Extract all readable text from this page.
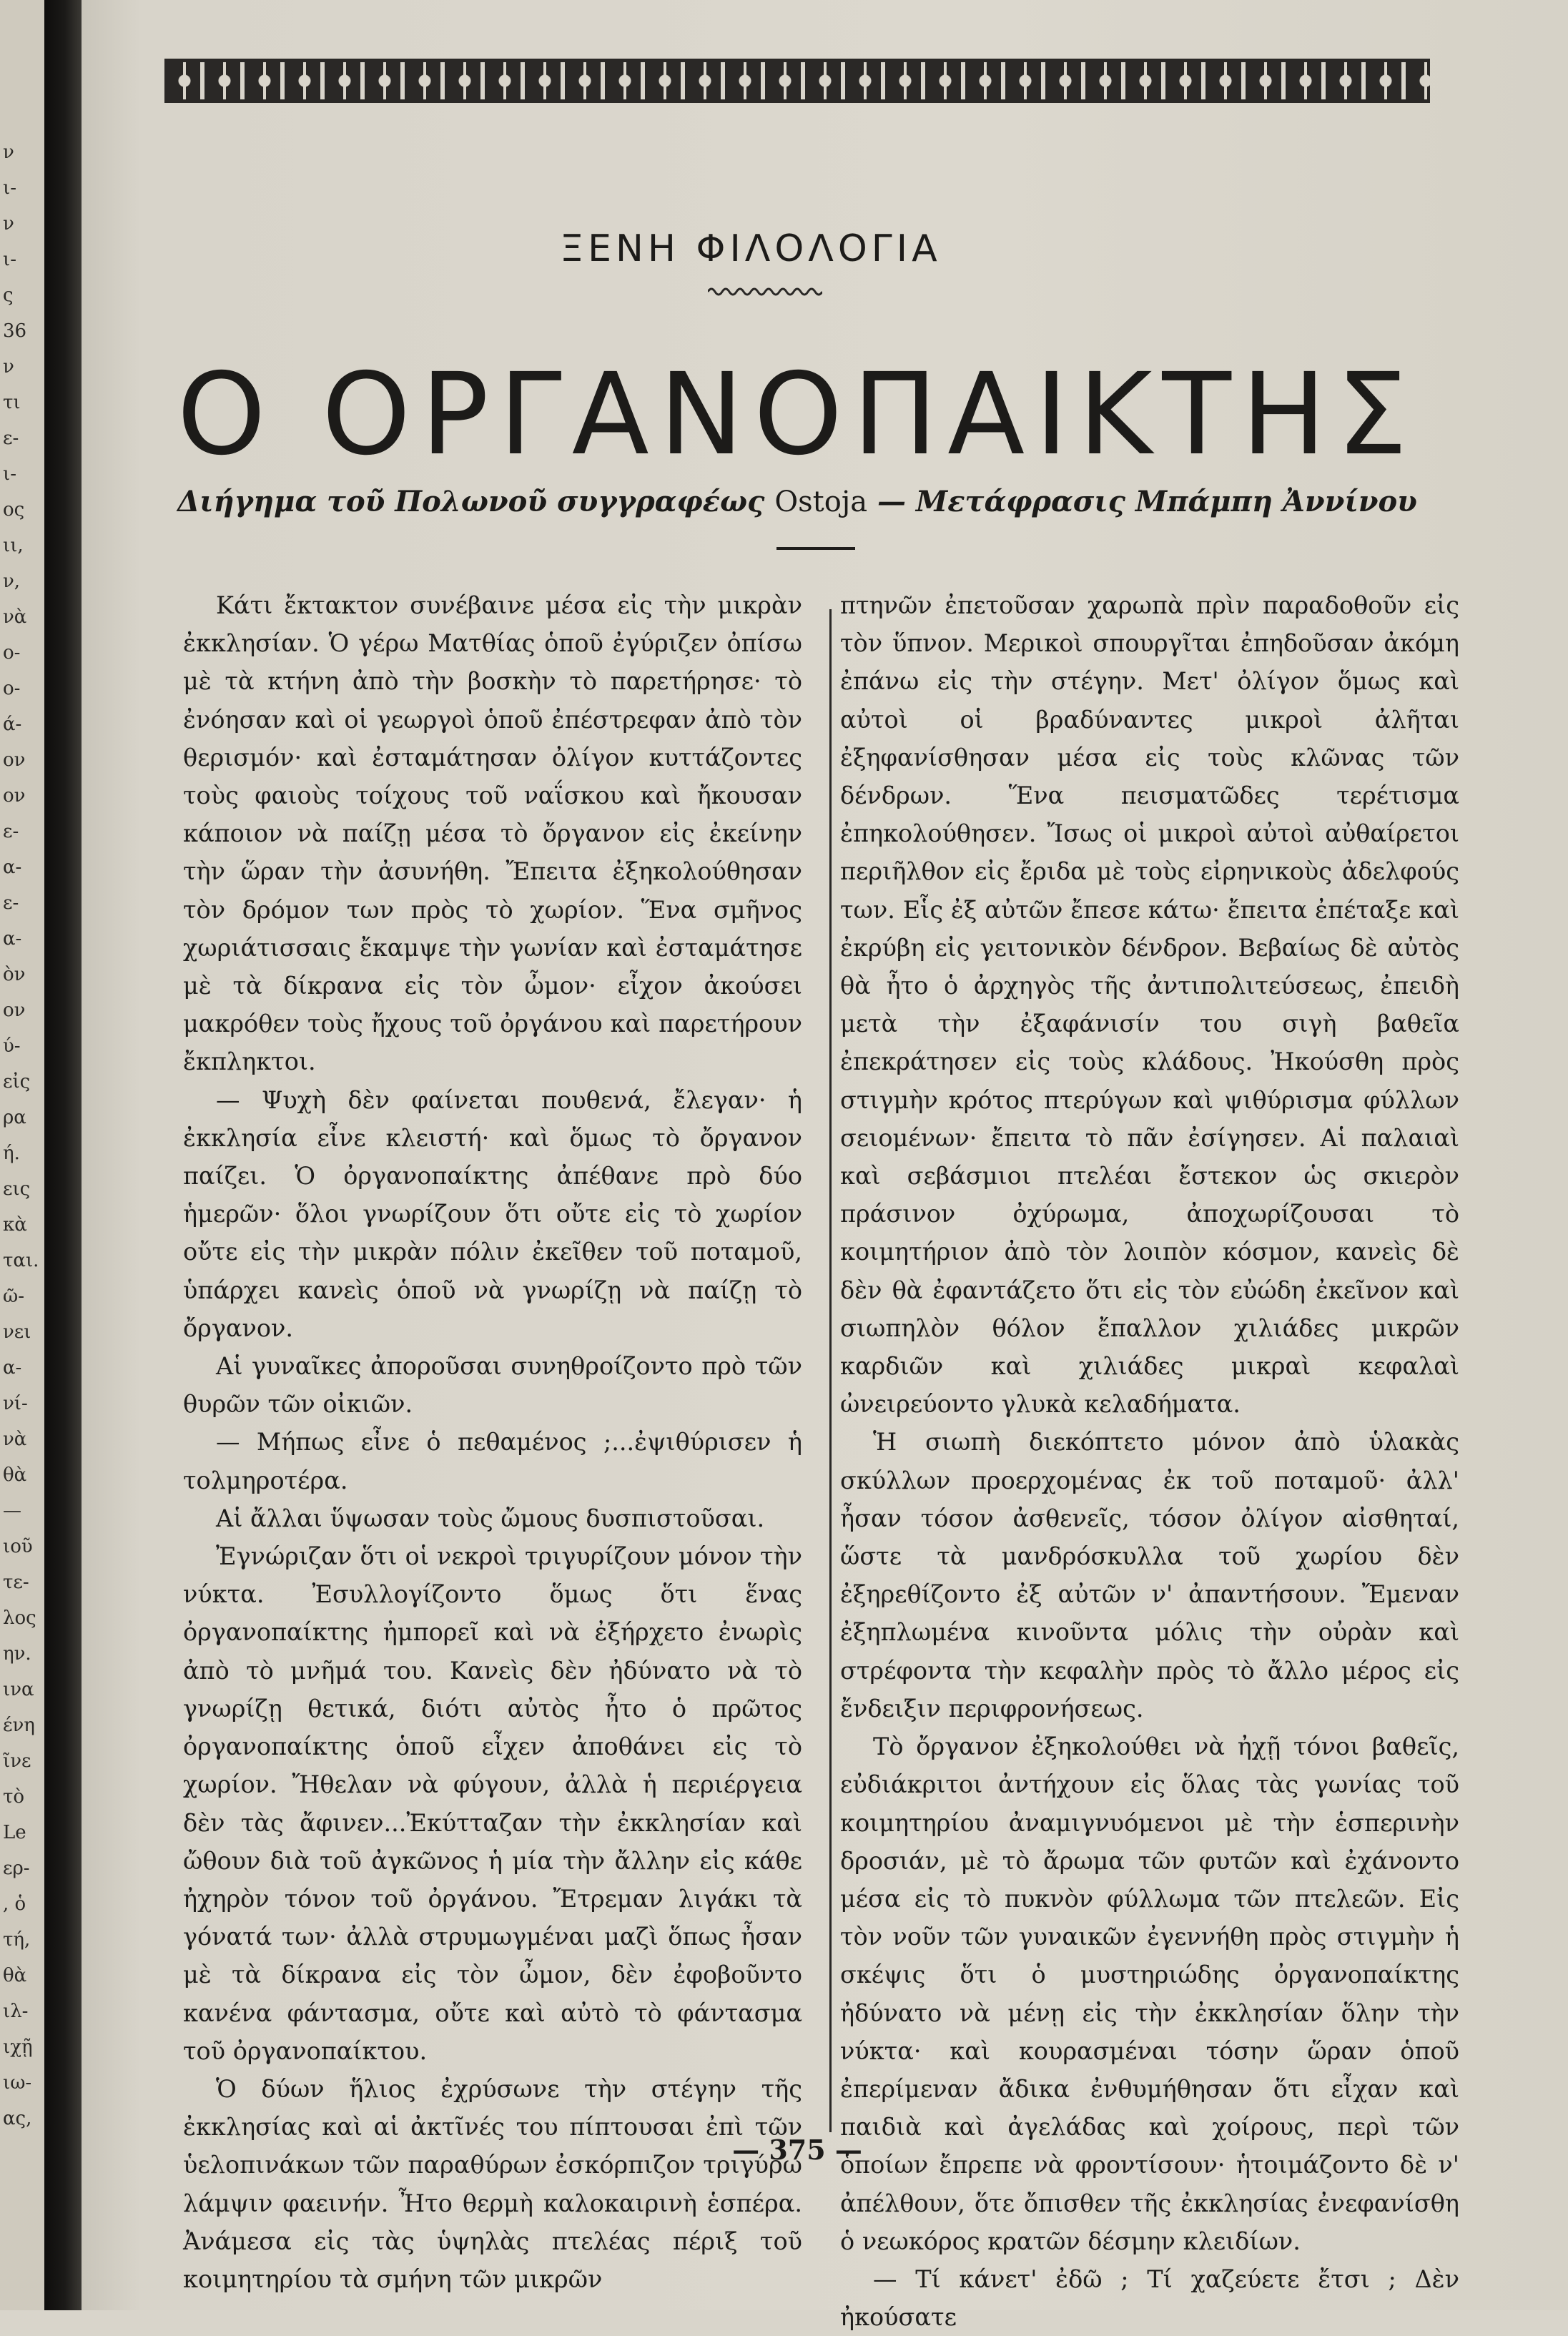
ν
ι-
ν
ι-
ς
36
ν
τι
ε-
ι-
ος
ιι,
ν,
νὰ
ο-
ο-
ά-
ον
ον
ε-
α-
ε-
α-
ὸν
ον
ύ-
εἰς
ρα
ή.
εις
κὰ
ται.
ῶ-
νει
α-
νί-
νὰ
θὰ
—
ιοῦ
τε-
λος
ην.
ινα
ένη
ῖνε
τὸ
Le
ερ-
, ὁ
τή,
θὰ
ιλ-
ιχῇ
ιω-
ας,
ΞΕΝΗ ΦΙΛΟΛΟΓΙΑ
Ο ΟΡΓΑΝΟΠΑΙΚΤΗΣ
Διήγημα τοῦ Πολωνοῦ συγγραφέως Ostoja — Μετάφρασις Μπάμπη Ἀννίνου

Κάτι ἔκτακτον συνέβαινε μέσα εἰς τὴν μικρὰν ἐκκλησίαν. Ὁ γέρω Ματθίας ὁποῦ ἐγύριζεν ὀπίσω μὲ τὰ κτήνη ἀπὸ τὴν βοσκὴν τὸ παρετήρησε· τὸ ἐνόησαν καὶ οἱ γεωργοὶ ὁποῦ ἐπέστρεφαν ἀπὸ τὸν θερισμόν· καὶ ἐσταμάτησαν ὀλίγον κυττάζοντες τοὺς φαιοὺς τοίχους τοῦ ναΐσκου καὶ ἤκουσαν κάποιον νὰ παίζῃ μέσα τὸ ὄργανον εἰς ἐκείνην τὴν ὥραν τὴν ἀσυνήθη. Ἔπειτα ἐξηκολούθησαν τὸν δρόμον των πρὸς τὸ χωρίον. Ἕνα σμῆνος χωριάτισσαις ἔκαμψε τὴν γωνίαν καὶ ἐσταμάτησε μὲ τὰ δίκρανα εἰς τὸν ὦμον· εἶχον ἀκούσει μακρόθεν τοὺς ἤχους τοῦ ὀργάνου καὶ παρετήρουν ἔκπληκτοι.

— Ψυχὴ δὲν φαίνεται πουθενά, ἔλεγαν· ἡ ἐκκλησία εἶνε κλειστή· καὶ ὅμως τὸ ὄργανον παίζει. Ὁ ὀργανοπαίκτης ἀπέθανε πρὸ δύο ἡμερῶν· ὅλοι γνωρίζουν ὅτι οὔτε εἰς τὸ χωρίον οὔτε εἰς τὴν μικρὰν πόλιν ἐκεῖθεν τοῦ ποταμοῦ, ὑπάρχει κανεὶς ὁποῦ νὰ γνωρίζῃ νὰ παίζῃ τὸ ὄργανον.

Αἱ γυναῖκες ἀποροῦσαι συνηθροίζοντο πρὸ τῶν θυρῶν τῶν οἰκιῶν.

— Μήπως εἶνε ὁ πεθαμένος ;...ἐψιθύρισεν ἡ τολμηροτέρα.

Αἱ ἄλλαι ὕψωσαν τοὺς ὤμους δυσπιστοῦσαι.

Ἐγνώριζαν ὅτι οἱ νεκροὶ τριγυρίζουν μόνον τὴν νύκτα. Ἐσυλλογίζοντο ὅμως ὅτι ἕνας ὀργανοπαίκτης ἠμπορεῖ καὶ νὰ ἐξήρχετο ἐνωρὶς ἀπὸ τὸ μνῆμά του. Κανεὶς δὲν ἠδύνατο νὰ τὸ γνωρίζῃ θετικά, διότι αὐτὸς ἦτο ὁ πρῶτος ὀργανοπαίκτης ὁποῦ εἶχεν ἀποθάνει εἰς τὸ χωρίον. Ἤθελαν νὰ φύγουν, ἀλλὰ ἡ περιέργεια δὲν τὰς ἄφινεν...Ἐκύτταζαν τὴν ἐκκλησίαν καὶ ὤθουν διὰ τοῦ ἀγκῶνος ἡ μία τὴν ἄλλην εἰς κάθε ἠχηρὸν τόνον τοῦ ὀργάνου. Ἔτρεμαν λιγάκι τὰ γόνατά των· ἀλλὰ στρυμωγμέναι μαζὶ ὅπως ἦσαν μὲ τὰ δίκρανα εἰς τὸν ὦμον, δὲν ἐφοβοῦντο κανένα φάντασμα, οὔτε καὶ αὐτὸ τὸ φάντασμα τοῦ ὀργανοπαίκτου.

Ὁ δύων ἥλιος ἐχρύσωνε τὴν στέγην τῆς ἐκκλησίας καὶ αἱ ἀκτῖνές του πίπτουσαι ἐπὶ τῶν ὑελοπινάκων τῶν παραθύρων ἐσκόρπιζον τριγύρω λάμψιν φαεινήν. Ἦτο θερμὴ καλοκαιρινὴ ἑσπέρα. Ἀνάμεσα εἰς τὰς ὑψηλὰς πτελέας πέριξ τοῦ κοιμητηρίου τὰ σμήνη τῶν μικρῶν

πτηνῶν ἐπετοῦσαν χαρωπὰ πρὶν παραδοθοῦν εἰς τὸν ὕπνον. Μερικοὶ σπουργῖται ἐπηδοῦσαν ἀκόμη ἐπάνω εἰς τὴν στέγην. Μετ' ὀλίγον ὅμως καὶ αὐτοὶ οἱ βραδύναντες μικροὶ ἀλῆται ἐξηφανίσθησαν μέσα εἰς τοὺς κλῶνας τῶν δένδρων. Ἕνα πεισματῶδες τερέτισμα ἐπηκολούθησεν. Ἴσως οἱ μικροὶ αὐτοὶ αὐθαίρετοι περιῆλθον εἰς ἔριδα μὲ τοὺς εἰρηνικοὺς ἀδελφούς των. Εἷς ἐξ αὐτῶν ἔπεσε κάτω· ἔπειτα ἐπέταξε καὶ ἐκρύβη εἰς γειτονικὸν δένδρον. Βεβαίως δὲ αὐτὸς θὰ ἦτο ὁ ἀρχηγὸς τῆς ἀντιπολιτεύσεως, ἐπειδὴ μετὰ τὴν ἐξαφάνισίν του σιγὴ βαθεῖα ἐπεκράτησεν εἰς τοὺς κλάδους. Ἠκούσθη πρὸς στιγμὴν κρότος πτερύγων καὶ ψιθύρισμα φύλλων σειομένων· ἔπειτα τὸ πᾶν ἐσίγησεν. Αἱ παλαιαὶ καὶ σεβάσμιοι πτελέαι ἔστεκον ὡς σκιερὸν πράσινον ὀχύρωμα, ἀποχωρίζουσαι τὸ κοιμητήριον ἀπὸ τὸν λοιπὸν κόσμον, κανεὶς δὲ δὲν θὰ ἐφαντάζετο ὅτι εἰς τὸν εὐώδη ἐκεῖνον καὶ σιωπηλὸν θόλον ἔπαλλον χιλιάδες μικρῶν καρδιῶν καὶ χιλιάδες μικραὶ κεφαλαὶ ὠνειρεύοντο γλυκὰ κελαδήματα.

Ἡ σιωπὴ διεκόπτετο μόνον ἀπὸ ὑλακὰς σκύλλων προερχομένας ἐκ τοῦ ποταμοῦ· ἀλλ' ἦσαν τόσον ἀσθενεῖς, τόσον ὀλίγον αἰσθηταί, ὥστε τὰ μανδρόσκυλλα τοῦ χωρίου δὲν ἐξηρεθίζοντο ἐξ αὐτῶν ν' ἀπαντήσουν. Ἔμεναν ἐξηπλωμένα κινοῦντα μόλις τὴν οὐρὰν καὶ στρέφοντα τὴν κεφαλὴν πρὸς τὸ ἄλλο μέρος εἰς ἔνδειξιν περιφρονήσεως.

Τὸ ὄργανον ἐξηκολούθει νὰ ἠχῇ τόνοι βαθεῖς, εὐδιάκριτοι ἀντήχουν εἰς ὅλας τὰς γωνίας τοῦ κοιμητηρίου ἀναμιγνυόμενοι μὲ τὴν ἑσπερινὴν δροσιάν, μὲ τὸ ἄρωμα τῶν φυτῶν καὶ ἐχάνοντο μέσα εἰς τὸ πυκνὸν φύλλωμα τῶν πτελεῶν. Εἰς τὸν νοῦν τῶν γυναικῶν ἐγεννήθη πρὸς στιγμὴν ἡ σκέψις ὅτι ὁ μυστηριώδης ὀργανοπαίκτης ἠδύνατο νὰ μένῃ εἰς τὴν ἐκκλησίαν ὅλην τὴν νύκτα· καὶ κουρασμέναι τόσην ὥραν ὁποῦ ἐπερίμεναν ἄδικα ἐνθυμήθησαν ὅτι εἶχαν καὶ παιδιὰ καὶ ἀγελάδας καὶ χοίρους, περὶ τῶν ὁποίων ἔπρεπε νὰ φροντίσουν· ἡτοιμάζοντο δὲ ν' ἀπέλθουν, ὅτε ὄπισθεν τῆς ἐκκλησίας ἐνεφανίσθη ὁ νεωκόρος κρατῶν δέσμην κλειδίων.

— Τί κάνετ' ἐδῶ ; Τί χαζεύετε ἔτσι ; Δὲν ἠκούσατε

— 375 —
